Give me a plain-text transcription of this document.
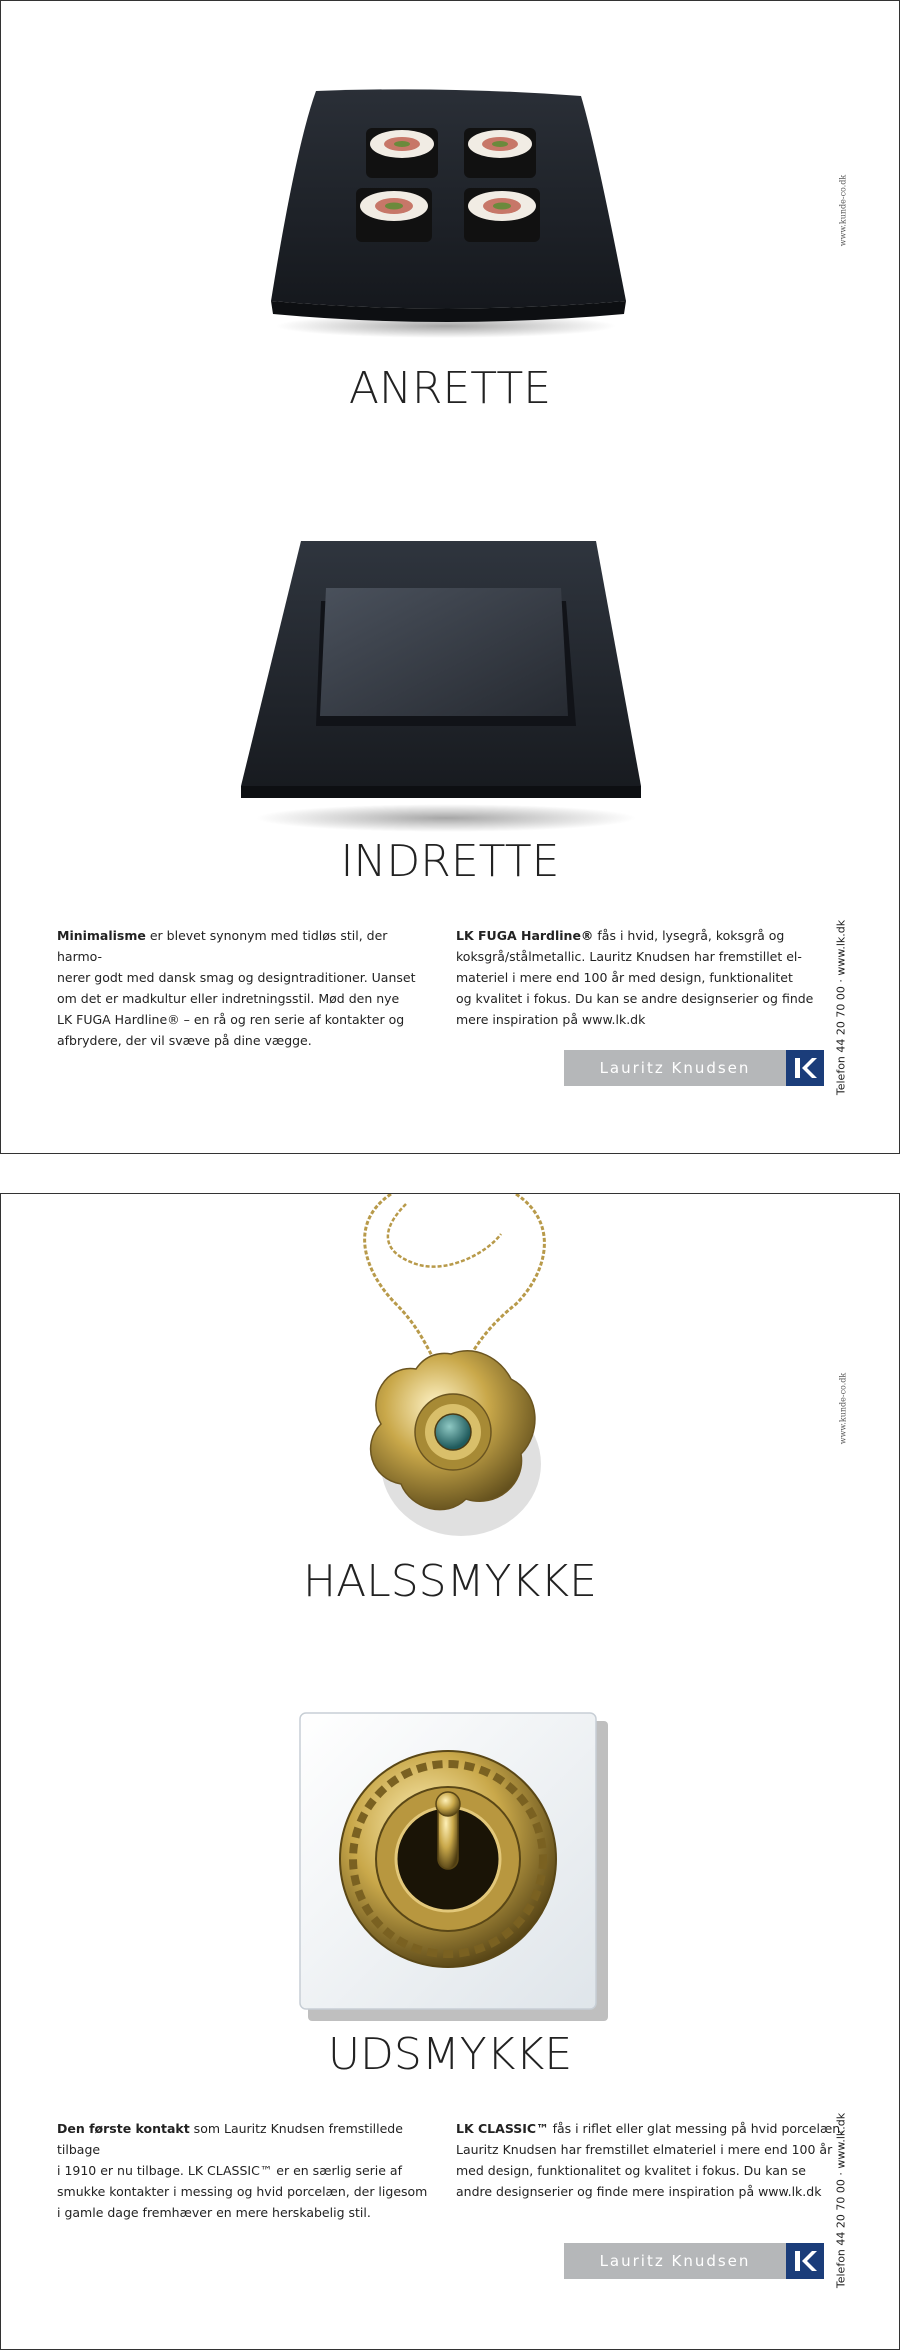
ANRETTE
INDRETTE
Minimalisme er blevet synonym med tidløs stil, der harmo-
nerer godt med dansk smag og designtraditioner. Uanset
om det er madkultur eller indretningsstil. Mød den nye
LK FUGA Hardline® – en rå og ren serie af kontakter og
afbrydere, der vil svæve på dine vægge.
LK FUGA Hardline® fås i hvid, lysegrå, koksgrå og
koksgrå/stålmetallic. Lauritz Knudsen har fremstillet el-
materiel i mere end 100 år med design, funktionalitet
og kvalitet i fokus. Du kan se andre designserier og finde
mere inspiration på www.lk.dk
Lauritz Knudsen
www.kunde-co.dk
Telefon 44 20 70 00 · www.lk.dk
HALSSMYKKE
UDSMYKKE
Den første kontakt som Lauritz Knudsen fremstillede tilbage
i 1910 er nu tilbage. LK CLASSIC™ er en særlig serie af
smukke kontakter i messing og hvid porcelæn, der ligesom
i gamle dage fremhæver en mere herskabelig stil.
LK CLASSIC™ fås i riflet eller glat messing på hvid porcelæn.
Lauritz Knudsen har fremstillet elmateriel i mere end 100 år
med design, funktionalitet og kvalitet i fokus. Du kan se
andre designserier og finde mere inspiration på www.lk.dk
Lauritz Knudsen
www.kunde-co.dk
Telefon 44 20 70 00 · www.lk.dk
